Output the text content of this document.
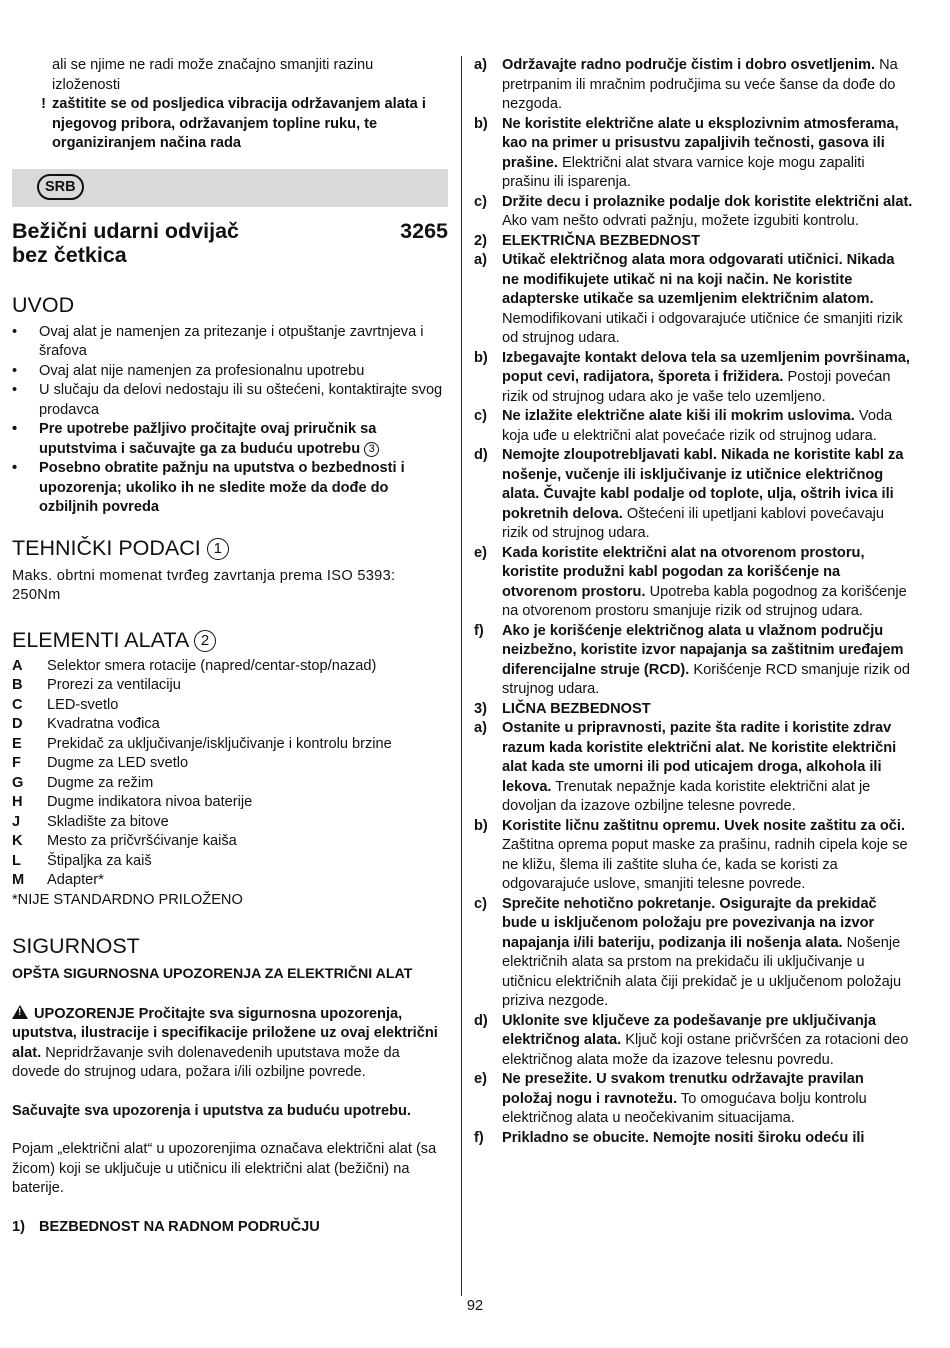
ali se njime ne radi može značajno smanjiti razinu
izloženosti

! zaštitite se od posljedica vibracija održavanjem alata i njegovog pribora, održavanjem topline ruku, te organiziranjem načina rada
SRB
Bežični udarni odvijač
bez četkica
3265
UVOD
•	Ovaj alat je namenjen za pritezanje i otpuštanje zavrtnjeva i šrafova
•	Ovaj alat nije namenjen za profesionalnu upotrebu
•	U slučaju da delovi nedostaju ili su oštećeni, kontaktirajte svog prodavca
•	Pre upotrebe pažljivo pročitajte ovaj priručnik sa uputstvima i sačuvajte ga za buduću upotrebu 3
•	Posebno obratite pažnju na uputstva o bezbednosti i upozorenja; ukoliko ih ne sledite može da dođe do ozbiljnih povreda
TEHNIČKI PODACI 1

Maks. obrtni momenat tvrđeg zavrtanja prema ISO 5393: 250Nm

ELEMENTI ALATA 2
A	Selektor smera rotacije (napred/centar-stop/nazad)
B	Prorezi za ventilaciju
C	LED-svetlo
D	Kvadratna vođica
E	Prekidač za uključivanje/isključivanje i kontrolu brzine
F	Dugme za LED svetlo
G	Dugme za režim
H	Dugme indikatora nivoa baterije
J	Skladište za bitove
K	Mesto za pričvršćivanje kaiša
L	Štipaljka za kaiš
M	Adapter*

*NIJE STANDARDNO PRILOŽENO

SIGURNOST

OPŠTA SIGURNOSNA UPOZORENJA ZA ELEKTRIČNI ALAT

! UPOZORENJE Pročitajte sva sigurnosna upozorenja, uputstva, ilustracije i specifikacije priložene uz ovaj električni alat. Nepridržavanje svih dolenavedenih uputstava može da dovede do strujnog udara, požara i/ili ozbiljne povrede.

Sačuvajte sva upozorenja i uputstva za buduću upotrebu.

Pojam „električni alat“ u upozorenjima označava električni alat (sa žicom) koji se uključuje u utičnicu ili električni alat (bežični) na baterije.

1) BEZBEDNOST NA RADNOM PODRUČJU
a)	Održavajte radno područje čistim i dobro osvetljenim. Na pretrpanim ili mračnim područjima su veće šanse da dođe do nezgoda.
b) Ne koristite električne alate u eksplozivnim atmosferama, kao na primer u prisustvu zapaljivih tečnosti, gasova ili prašine. Električni alat stvara varnice koje mogu zapaliti prašinu ili isparenja.
c)	Držite decu i prolaznike podalje dok koristite električni alat. Ako vam nešto odvrati pažnju, možete izgubiti kontrolu.
2)	ELEKTRIČNA BEZBEDNOST
a)	Utikač električnog alata mora odgovarati utičnici. Nikada ne modifikujete utikač ni na koji način. Ne koristite adapterske utikače sa uzemljenim električnim alatom. Nemodifikovani utikači i odgovarajuće utičnice će smanjiti rizik od strujnog udara.
b) Izbegavajte kontakt delova tela sa uzemljenim površinama, poput cevi, radijatora, šporeta i frižidera. Postoji povećan rizik od strujnog udara ako je vaše telo uzemljeno.
c)	Ne izlažite električne alate kiši ili mokrim uslovima. Voda koja uđe u električni alat povećaće rizik od strujnog udara.
d) Nemojte zloupotrebljavati kabl. Nikada ne koristite kabl za nošenje, vučenje ili isključivanje iz utičnice električnog alata. Čuvajte kabl podalje od toplote, ulja, oštrih ivica ili pokretnih delova. Oštećeni ili upetljani kablovi povećavaju rizik od strujnog udara.
e)	Kada koristite električni alat na otvorenom prostoru, koristite produžni kabl pogodan za korišćenje na otvorenom prostoru. Upotreba kabla pogodnog za korišćenje na otvorenom prostoru smanjuje rizik od strujnog udara.
f)	Ako je korišćenje električnog alata u vlažnom području neizbežno, koristite izvor napajanja sa zaštitnim uređajem diferencijalne struje (RCD). Korišćenje RCD smanjuje rizik od strujnog udara.
3)	LIČNA BEZBEDNOST
a)	Ostanite u pripravnosti, pazite šta radite i koristite zdrav razum kada koristite električni alat. Ne koristite električni alat kada ste umorni ili pod uticajem droga, alkohola ili lekova. Trenutak nepažnje kada koristite električni alat je dovoljan da izazove ozbiljne telesne povrede.
b) Koristite ličnu zaštitnu opremu. Uvek nosite zaštitu za oči. Zaštitna oprema poput maske za prašinu, radnih cipela koje se ne kližu, šlema ili zaštite sluha će, kada se koristi za odgovarajuće uslove, smanjiti telesne povrede.
c)	Sprečite nehotično pokretanje. Osigurajte da prekidač bude u isključenom položaju pre povezivanja na izvor napajanja i/ili bateriju, podizanja ili nošenja alata. Nošenje električnih alata sa prstom na prekidaču ili uključivanje u utičnicu električnih alata čiji prekidač je u uključenom položaju priziva nezgode.
d) Uklonite sve ključeve za podešavanje pre uključivanja električnog alata. Ključ koji ostane pričvršćen za rotacioni deo električnog alata može da izazove telesnu povredu.
e)	Ne presežite. U svakom trenutku održavajte pravilan položaj nogu i ravnotežu. To omogućava bolju kontrolu električnog alata u neočekivanim situacijama.
f)	Prikladno se obucite. Nemojte nositi široku odeću ili
92
